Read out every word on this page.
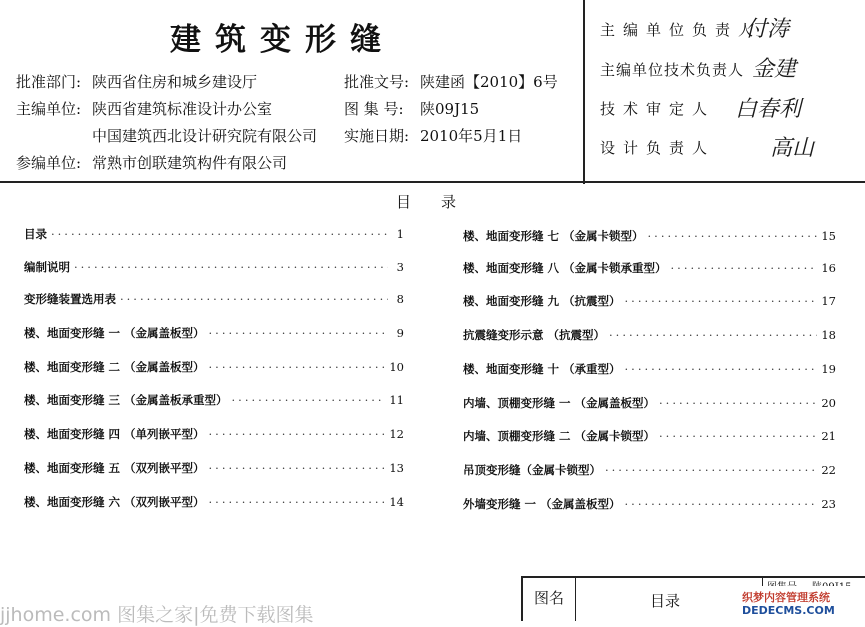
建筑变形缝
批准部门: 陕西省住房和城乡建设厅	批准文号: 陕建函【2010】6号
主编单位: 陕西省建筑标准设计办公室	图 集 号: 陕09J15
中国建筑西北设计研究院有限公司 实施日期: 2010年5月1日
参编单位: 常熟市创联建筑构件有限公司
主编单位负责人
付涛
主编单位技术负责人 金建
技术审定人 白春利
设计负责人 高山
目录
目录 ·····	1
编制说明 ·····	3
变形缝装置选用表 ·····	8
楼、地面变形缝 一 （金属盖板型） ·····	9
楼、地面变形缝 二 （金属盖板型） ·····	10
楼、地面变形缝 三 （金属盖板承重型） ·····	11
楼、地面变形缝 四 （单列嵌平型） ·····	12
楼、地面变形缝 五 （双列嵌平型） ·····	13
楼、地面变形缝 六 （双列嵌平型） ·····	14
楼、地面变形缝 七 （金属卡锁型） ·····	15
楼、地面变形缝 八 （金属卡锁承重型） ·····	16
楼、地面变形缝 九 （抗震型） ·····	17
抗震缝变形示意 （抗震型） ·····	18
楼、地面变形缝 十 （承重型） ·····	19
内墙、顶棚变形缝 一 （金属盖板型） ·····	20
内墙、顶棚变形缝 二 （金属卡锁型） ·····	21
吊顶变形缝（金属卡锁型） ·····	22
外墙变形缝 一 （金属盖板型） ·····	23
图名	目录
jjhome.com 图集之家|免费下载图集
织梦内容管理系统
DEDECMS.COM
